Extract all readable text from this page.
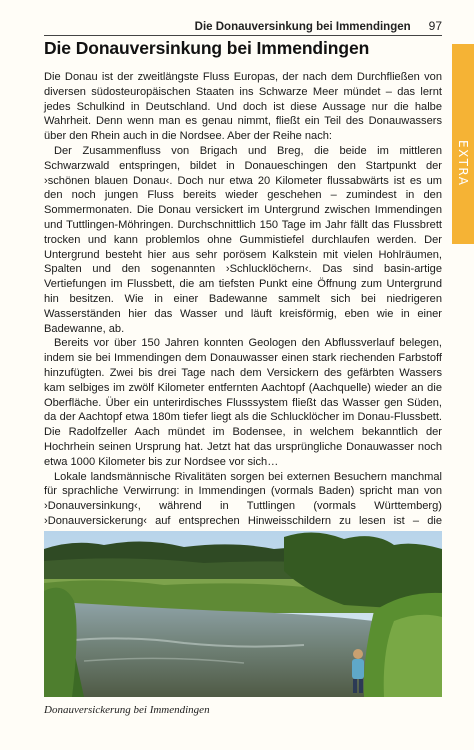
Die Donauversinkung bei Immendingen 97
EXTRA
Die Donauversinkung bei Immendingen

Die Donau ist der zweitlängste Fluss Europas, der nach dem Durchfließen von diversen südosteuropäischen Staaten ins Schwarze Meer mündet – das lernt jedes Schulkind in Deutschland. Und doch ist diese Aussage nur die halbe Wahrheit. Denn wenn man es genau nimmt, fließt ein Teil des Donauwassers über den Rhein auch in die Nordsee. Aber der Reihe nach:

Der Zusammenfluss von Brigach und Breg, die beide im mittleren Schwarzwald entspringen, bildet in Donaueschingen den Startpunkt der ›schönen blauen Donau‹. Doch nur etwa 20 Kilometer flussabwärts ist es um den noch jungen Fluss bereits wieder geschehen – zumindest in den Sommermonaten. Die Donau versickert im Untergrund zwischen Immendingen und Tuttlingen-Möhringen. Durchschnittlich 150 Tage im Jahr fällt das Flussbrett trocken und kann problemlos ohne Gummistiefel durchlaufen werden. Der Untergrund besteht hier aus sehr porösem Kalkstein mit vielen Hohlräumen, Spalten und den sogenannten ›Schlucklöchern‹. Das sind basin-artige Vertiefungen im Flussbett, die am tiefsten Punkt eine Öffnung zum Untergrund hin besitzen. Wie in einer Badewanne sammelt sich bei niedrigeren Wasserständen hier das Wasser und läuft kreisförmig, eben wie in einer Badewanne, ab.

Bereits vor über 150 Jahren konnten Geologen den Abflussverlauf belegen, indem sie bei Immendingen dem Donauwasser einen stark riechenden Farbstoff hinzufügten. Zwei bis drei Tage nach dem Versickern des gefärbten Wassers kam selbiges im zwölf Kilometer entfernten Aachtopf (Aachquelle) wieder an die Oberfläche. Über ein unterirdisches Flusssystem fließt das Wasser gen Süden, da der Aachtopf etwa 180m tiefer liegt als die Schlucklöcher im Donau-Flussbett. Die Radolfzeller Aach mündet im Bodensee, in welchem bekanntlich der Hochrhein seinen Ursprung hat. Jetzt hat das ursprüngliche Donauwasser noch etwa 1000 Kilometer bis zur Nordsee vor sich…

Lokale landsmännische Rivalitäten sorgen bei externen Besuchern manchmal für sprachliche Verwirrung: in Immendingen (vormals Baden) spricht man von ›Donauversinkung‹, während in Tuttlingen (vormals Württemberg) ›Donauversickerung‹ auf entsprechen Hinweisschildern zu lesen ist – die

Donauversickerung bei Immendingen
